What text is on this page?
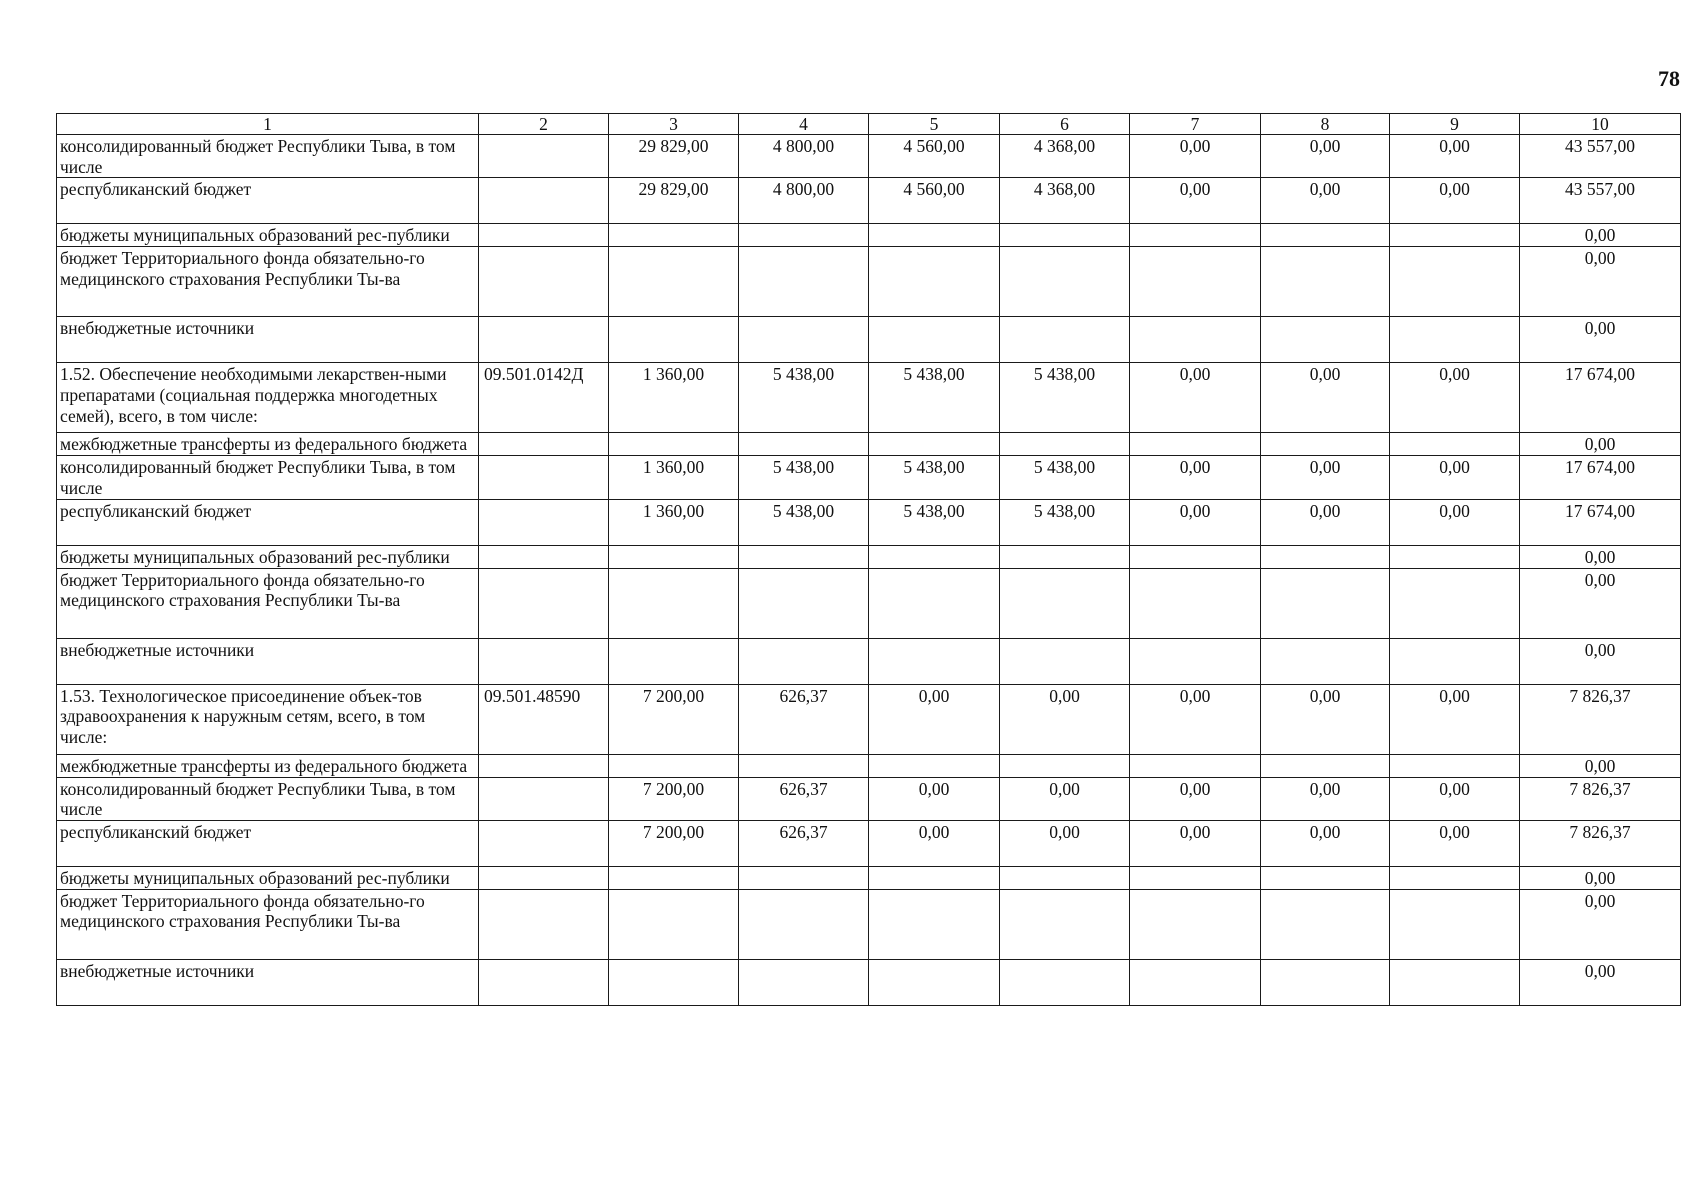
78
1	2	3	4	5	6	7	8	9	10
консолидированный бюджет Республики Тыва, в том числе		29 829,00	4 800,00	4 560,00	4 368,00	0,00	0,00	0,00	43 557,00
республиканский бюджет		29 829,00	4 800,00	4 560,00	4 368,00	0,00	0,00	0,00	43 557,00
бюджеты муниципальных образований рес-публики									0,00
бюджет Территориального фонда обязательно-го медицинского страхования Республики Ты-ва									0,00
внебюджетные источники									0,00
1.52. Обеспечение необходимыми лекарствен-ными препаратами (социальная поддержка многодетных семей), всего, в том числе:	09.501.0142Д	1 360,00	5 438,00	5 438,00	5 438,00	0,00	0,00	0,00	17 674,00
межбюджетные трансферты из федерального бюджета									0,00
консолидированный бюджет Республики Тыва, в том числе		1 360,00	5 438,00	5 438,00	5 438,00	0,00	0,00	0,00	17 674,00
республиканский бюджет		1 360,00	5 438,00	5 438,00	5 438,00	0,00	0,00	0,00	17 674,00
бюджеты муниципальных образований рес-публики									0,00
бюджет Территориального фонда обязательно-го медицинского страхования Республики Ты-ва									0,00
внебюджетные источники									0,00
1.53. Технологическое присоединение объек-тов здравоохранения к наружным сетям, всего, в том числе:	09.501.48590	7 200,00	626,37	0,00	0,00	0,00	0,00	0,00	7 826,37
межбюджетные трансферты из федерального бюджета									0,00
консолидированный бюджет Республики Тыва, в том числе		7 200,00	626,37	0,00	0,00	0,00	0,00	0,00	7 826,37
республиканский бюджет		7 200,00	626,37	0,00	0,00	0,00	0,00	0,00	7 826,37
бюджеты муниципальных образований рес-публики									0,00
бюджет Территориального фонда обязательно-го медицинского страхования Республики Ты-ва									0,00
внебюджетные источники									0,00
